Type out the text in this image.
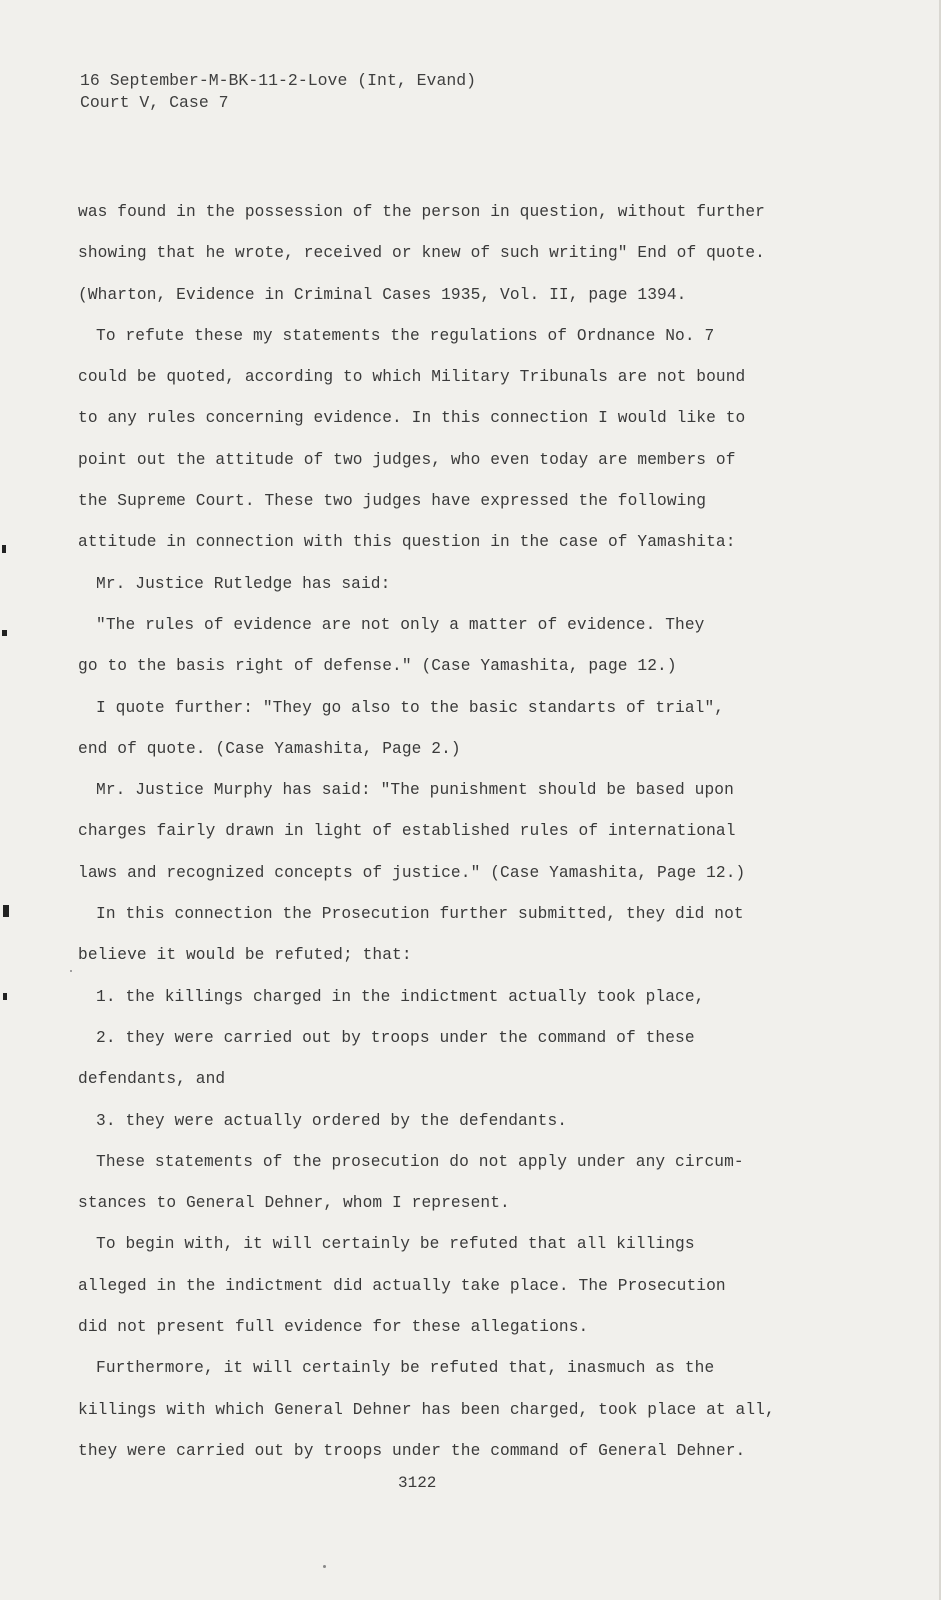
16 September-M-BK-11-2-Love (Int, Evand)
Court V, Case 7
was found in the possession of the person in question, without further
showing that he wrote, received or knew of such writing" End of quote.
(Wharton, Evidence in Criminal Cases 1935, Vol. II, page 1394.
To refute these my statements the regulations of Ordnance No. 7
could be quoted, according to which Military Tribunals are not bound
to any rules concerning evidence. In this connection I would like to
point out the attitude of two judges, who even today are members of
the Supreme Court. These two judges have expressed the following
attitude in connection with this question in the case of Yamashita:
Mr. Justice Rutledge has said:
"The rules of evidence are not only a matter of evidence. They
go to the basis right of defense." (Case Yamashita, page 12.)
I quote further: "They go also to the basic standarts of trial",
end of quote. (Case Yamashita, Page 2.)
Mr. Justice Murphy has said: "The punishment should be based upon
charges fairly drawn in light of established rules of international
laws and recognized concepts of justice." (Case Yamashita, Page 12.)
In this connection the Prosecution further submitted, they did not
believe it would be refuted; that:
1. the killings charged in the indictment actually took place,
2. they were carried out by troops under the command of these
defendants, and
3. they were actually ordered by the defendants.
These statements of the prosecution do not apply under any circum-
stances to General Dehner, whom I represent.
To begin with, it will certainly be refuted that all killings
alleged in the indictment did actually take place. The Prosecution
did not present full evidence for these allegations.
Furthermore, it will certainly be refuted that, inasmuch as the
killings with which General Dehner has been charged, took place at all,
they were carried out by troops under the command of General Dehner.
3122
